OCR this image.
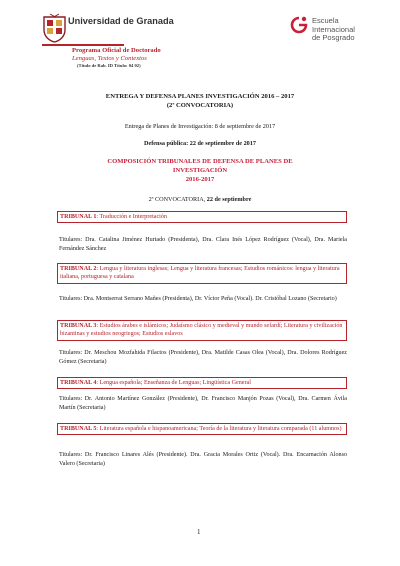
Universidad de Granada
Programa Oficial de Doctorado
Lenguas, Textos y Contextos
(Título de Rab. ID Título: 04 02)
Escuela
Internacional
de Posgrado
ENTREGA Y DEFENSA PLANES INVESTIGACIÓN 2016 – 2017
(2ª CONVOCATORIA)
Entrega de Planes de Investigación: 8 de septiembre de 2017
Defensa pública: 22 de septiembre de 2017
COMPOSICIÓN TRIBUNALES DE DEFENSA DE PLANES DE
INVESTIGACIÓN
2016-2017
2ª CONVOCATORIA, 22 de septiembre
TRIBUNAL 1: Traducción e Interpretación
Titulares: Dra. Catalina Jiménez Hurtado (Presidenta), Dra. Clara Inés López Rodríguez (Vocal), Dra. Mariela Fernández Sánchez
TRIBUNAL 2: Lengua y literatura inglesas; Lengua y literatura francesas; Estudios románicos: lengua y literatura italiana, portuguesa y catalana
Titulares: Dra. Montserrat Serrano Mañes (Presidenta), Dr. Víctor Peña (Vocal). Dr. Cristóbal Lozano (Secretario)
TRIBUNAL 3: Estudios árabes e islámicos; Judaísmo clásico y medieval y mundo sefardí; Literatura y civilización bizantinas y estudios neogriegos; Estudios eslavos
Titulares: Dr. Meschou Mozfahida Filactos (Presidente), Dra. Matilde Casas Olea (Vocal), Dra. Dolores Rodríguez Gómez (Secretaria)
TRIBUNAL 4: Lengua española; Enseñanza de Lenguas; Lingüística General
Titulares: Dr. Antonio Martínez González (Presidente), Dr. Francisco Manjón Pozas (Vocal), Dra. Carmen Ávila Martín (Secretaria)
TRIBUNAL 5: Literatura española e hispanoamericana; Teoría de la literatura y literatura comparada (11 alumnos)
Titulares: Dr. Francisco Linares Alés (Presidente). Dra. Gracia Morales Ortiz (Vocal). Dra. Encarnación Alonso Valero (Secretaria)
1
